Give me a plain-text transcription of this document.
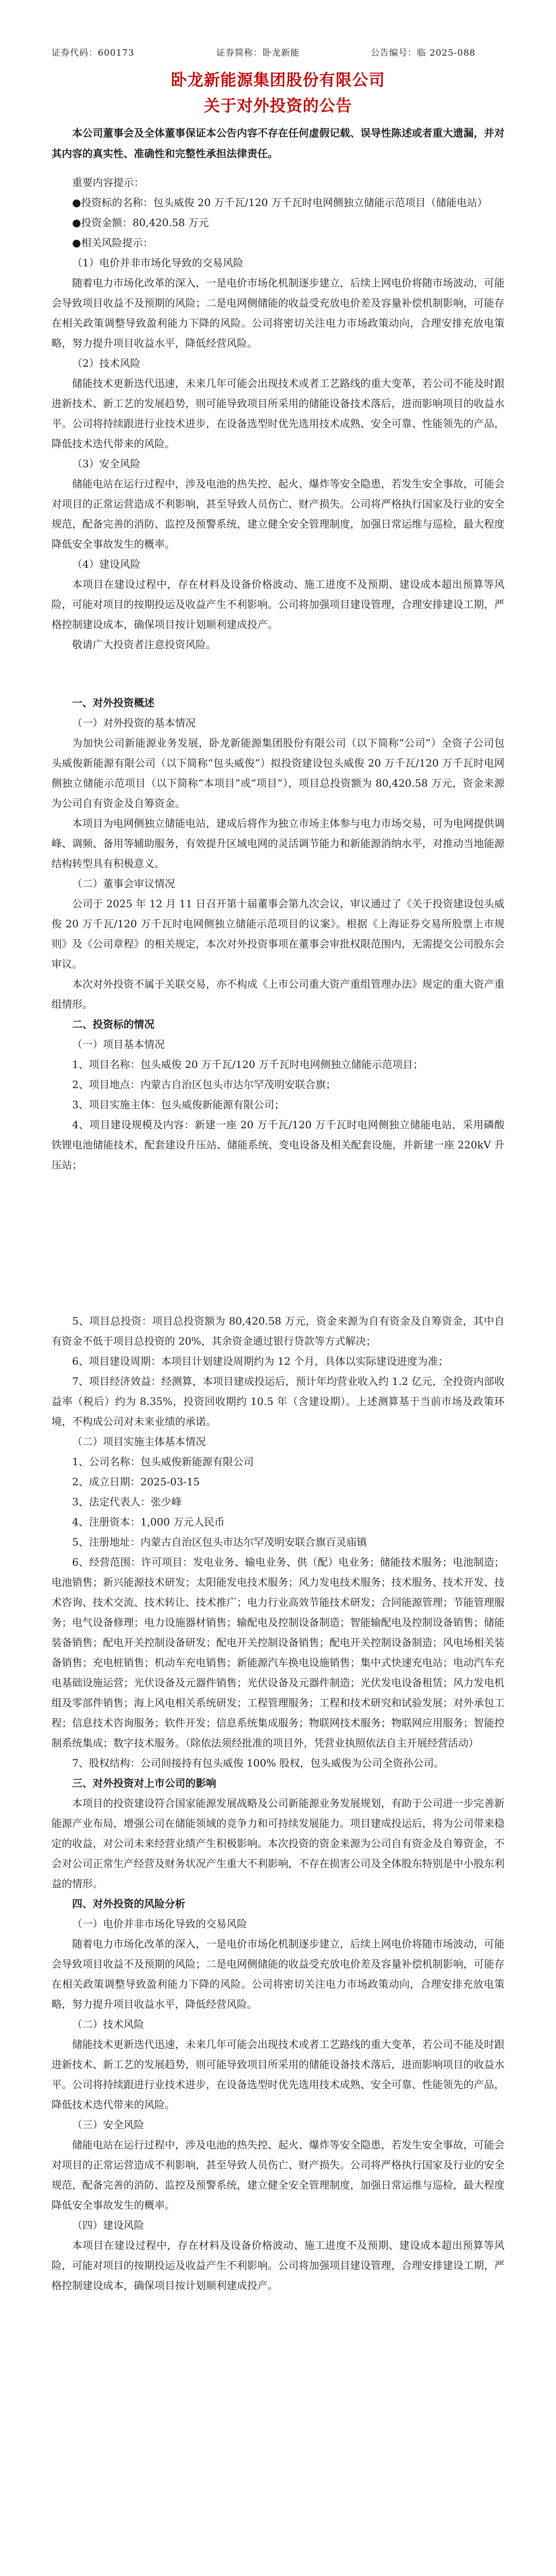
证券代码：600173	证券简称：卧龙新能	公告编号：临 2025-088
卧龙新能源集团股份有限公司
关于对外投资的公告
本公司董事会及全体董事保证本公告内容不存在任何虚假记载、误导性陈述或者重大遗漏，并对其内容的真实性、准确性和完整性承担法律责任。

重要内容提示：

●投资标的名称：包头威俊 20 万千瓦/120 万千瓦时电网侧独立储能示范项目（储能电站）

●投资金额：80,420.58 万元

●相关风险提示：

（1）电价并非市场化导致的交易风险

随着电力市场化改革的深入，一是电价市场化机制逐步建立，后续上网电价将随市场波动，可能会导致项目收益不及预期的风险；二是电网侧储能的收益受充放电价差及容量补偿机制影响，可能存在相关政策调整导致盈利能力下降的风险。公司将密切关注电力市场政策动向，合理安排充放电策略，努力提升项目收益水平，降低经营风险。

（2）技术风险

储能技术更新迭代迅速，未来几年可能会出现技术或者工艺路线的重大变革，若公司不能及时跟进新技术、新工艺的发展趋势，则可能导致项目所采用的储能设备技术落后，进而影响项目的收益水平。公司将持续跟进行业技术进步，在设备选型时优先选用技术成熟、安全可靠、性能领先的产品，降低技术迭代带来的风险。

（3）安全风险

储能电站在运行过程中，涉及电池的热失控、起火、爆炸等安全隐患，若发生安全事故，可能会对项目的正常运营造成不利影响，甚至导致人员伤亡、财产损失。公司将严格执行国家及行业的安全规范，配备完善的消防、监控及预警系统，建立健全安全管理制度，加强日常运维与巡检，最大程度降低安全事故发生的概率。

（4）建设风险

本项目在建设过程中，存在材料及设备价格波动、施工进度不及预期、建设成本超出预算等风险，可能对项目的按期投运及收益产生不利影响。公司将加强项目建设管理，合理安排建设工期，严格控制建设成本，确保项目按计划顺利建成投产。

敬请广大投资者注意投资风险。

一、对外投资概述

（一）对外投资的基本情况

为加快公司新能源业务发展，卧龙新能源集团股份有限公司（以下简称“公司”）全资子公司包头威俊新能源有限公司（以下简称“包头威俊”）拟投资建设包头威俊 20 万千瓦/120 万千瓦时电网侧独立储能示范项目（以下简称“本项目”或“项目”），项目总投资额为 80,420.58 万元，资金来源为公司自有资金及自筹资金。

本项目为电网侧独立储能电站，建成后将作为独立市场主体参与电力市场交易，可为电网提供调峰、调频、备用等辅助服务，有效提升区域电网的灵活调节能力和新能源消纳水平，对推动当地能源结构转型具有积极意义。

（二）董事会审议情况

公司于 2025 年 12 月 11 日召开第十届董事会第九次会议，审议通过了《关于投资建设包头威俊 20 万千瓦/120 万千瓦时电网侧独立储能示范项目的议案》。根据《上海证券交易所股票上市规则》及《公司章程》的相关规定，本次对外投资事项在董事会审批权限范围内，无需提交公司股东会审议。

本次对外投资不属于关联交易，亦不构成《上市公司重大资产重组管理办法》规定的重大资产重组情形。

二、投资标的情况

（一）项目基本情况

1、项目名称：包头威俊 20 万千瓦/120 万千瓦时电网侧独立储能示范项目；

2、项目地点：内蒙古自治区包头市达尔罕茂明安联合旗；

3、项目实施主体：包头威俊新能源有限公司；

4、项目建设规模及内容：新建一座 20 万千瓦/120 万千瓦时电网侧独立储能电站，采用磷酸铁锂电池储能技术，配套建设升压站、储能系统、变电设备及相关配套设施，并新建一座 220kV 升压站；

5、项目总投资：项目总投资额为 80,420.58 万元，资金来源为自有资金及自筹资金，其中自有资金不低于项目总投资的 20%，其余资金通过银行贷款等方式解决；

6、项目建设周期：本项目计划建设周期约为 12 个月，具体以实际建设进度为准；

7、项目经济效益：经测算，本项目建成投运后，预计年均营业收入约 1.2 亿元，全投资内部收益率（税后）约为 8.35%，投资回收期约 10.5 年（含建设期）。上述测算基于当前市场及政策环境，不构成公司对未来业绩的承诺。

（二）项目实施主体基本情况

1、公司名称：包头威俊新能源有限公司

2、成立日期：2025-03-15

3、法定代表人：张少峰

4、注册资本：1,000 万元人民币

5、注册地址：内蒙古自治区包头市达尔罕茂明安联合旗百灵庙镇

6、经营范围：许可项目：发电业务、输电业务、供（配）电业务；储能技术服务；电池制造；电池销售；新兴能源技术研发；太阳能发电技术服务；风力发电技术服务；技术服务、技术开发、技术咨询、技术交流、技术转让、技术推广；电力行业高效节能技术研发；合同能源管理；节能管理服务；电气设备修理；电力设施器材销售；输配电及控制设备制造；智能输配电及控制设备销售；储能装备销售；配电开关控制设备研发；配电开关控制设备销售；配电开关控制设备制造；风电场相关装备销售；充电桩销售；机动车充电销售；新能源汽车换电设施销售；集中式快速充电站；电动汽车充电基础设施运营；光伏设备及元器件销售；光伏设备及元器件制造；光伏发电设备租赁；风力发电机组及零部件销售；海上风电相关系统研发；工程管理服务；工程和技术研究和试验发展；对外承包工程；信息技术咨询服务；软件开发；信息系统集成服务；物联网技术服务；物联网应用服务；智能控制系统集成；数字技术服务。（除依法须经批准的项目外，凭营业执照依法自主开展经营活动）

7、股权结构：公司间接持有包头威俊 100% 股权，包头威俊为公司全资孙公司。

三、对外投资对上市公司的影响

本项目的投资建设符合国家能源发展战略及公司新能源业务发展规划，有助于公司进一步完善新能源产业布局，增强公司在储能领域的竞争力和可持续发展能力。项目建成投运后，将为公司带来稳定的收益，对公司未来经营业绩产生积极影响。本次投资的资金来源为公司自有资金及自筹资金，不会对公司正常生产经营及财务状况产生重大不利影响，不存在损害公司及全体股东特别是中小股东利益的情形。

四、对外投资的风险分析

（一）电价并非市场化导致的交易风险

随着电力市场化改革的深入，一是电价市场化机制逐步建立，后续上网电价将随市场波动，可能会导致项目收益不及预期的风险；二是电网侧储能的收益受充放电价差及容量补偿机制影响，可能存在相关政策调整导致盈利能力下降的风险。公司将密切关注电力市场政策动向，合理安排充放电策略，努力提升项目收益水平，降低经营风险。

（二）技术风险

储能技术更新迭代迅速，未来几年可能会出现技术或者工艺路线的重大变革，若公司不能及时跟进新技术、新工艺的发展趋势，则可能导致项目所采用的储能设备技术落后，进而影响项目的收益水平。公司将持续跟进行业技术进步，在设备选型时优先选用技术成熟、安全可靠、性能领先的产品，降低技术迭代带来的风险。

（三）安全风险

储能电站在运行过程中，涉及电池的热失控、起火、爆炸等安全隐患，若发生安全事故，可能会对项目的正常运营造成不利影响，甚至导致人员伤亡、财产损失。公司将严格执行国家及行业的安全规范，配备完善的消防、监控及预警系统，建立健全安全管理制度，加强日常运维与巡检，最大程度降低安全事故发生的概率。

（四）建设风险

本项目在建设过程中，存在材料及设备价格波动、施工进度不及预期、建设成本超出预算等风险，可能对项目的按期投运及收益产生不利影响。公司将加强项目建设管理，合理安排建设工期，严格控制建设成本，确保项目按计划顺利建成投产。
